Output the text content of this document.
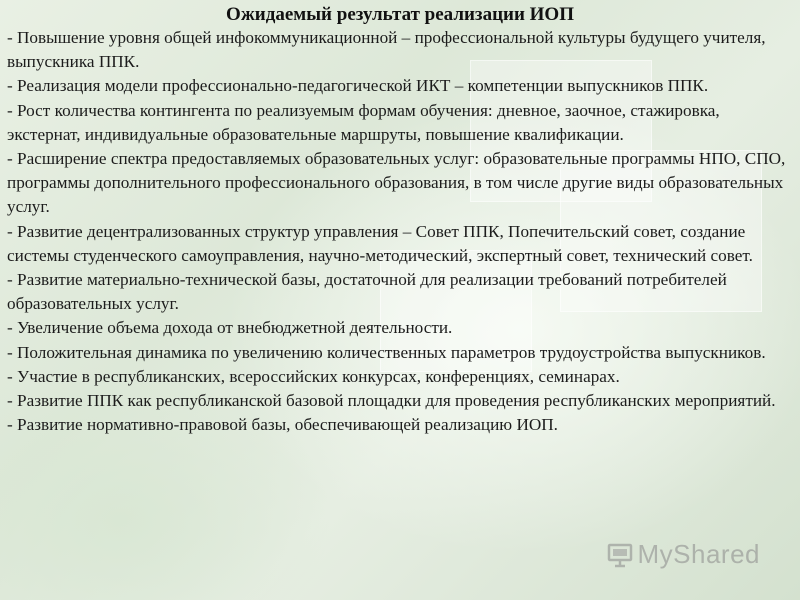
Ожидаемый результат реализации ИОП
- Повышение уровня общей инфокоммуникационной – профессиональной культуры будущего учителя, выпускника ППК.
- Реализация модели профессионально-педагогической ИКТ – компетенции выпускников ППК.
- Рост количества контингента по реализуемым формам обучения: дневное, заочное, стажировка, экстернат, индивидуальные образовательные маршруты, повышение квалификации.
- Расширение спектра предоставляемых образовательных услуг: образовательные программы НПО, СПО, программы дополнительного профессионального образования, в том числе другие виды образовательных услуг.
- Развитие децентрализованных структур управления – Совет ППК, Попечительский совет, создание системы студенческого самоуправления, научно-методический, экспертный совет, технический совет.
- Развитие материально-технической базы, достаточной для реализации требований потребителей образовательных услуг.
- Увеличение объема дохода от внебюджетной деятельности.
- Положительная динамика по увеличению количественных параметров трудоустройства выпускников.
- Участие в республиканских, всероссийских конкурсах, конференциях, семинарах.
- Развитие ППК как республиканской базовой площадки для проведения республиканских мероприятий.
- Развитие нормативно-правовой базы, обеспечивающей реализацию ИОП.
MyShared
